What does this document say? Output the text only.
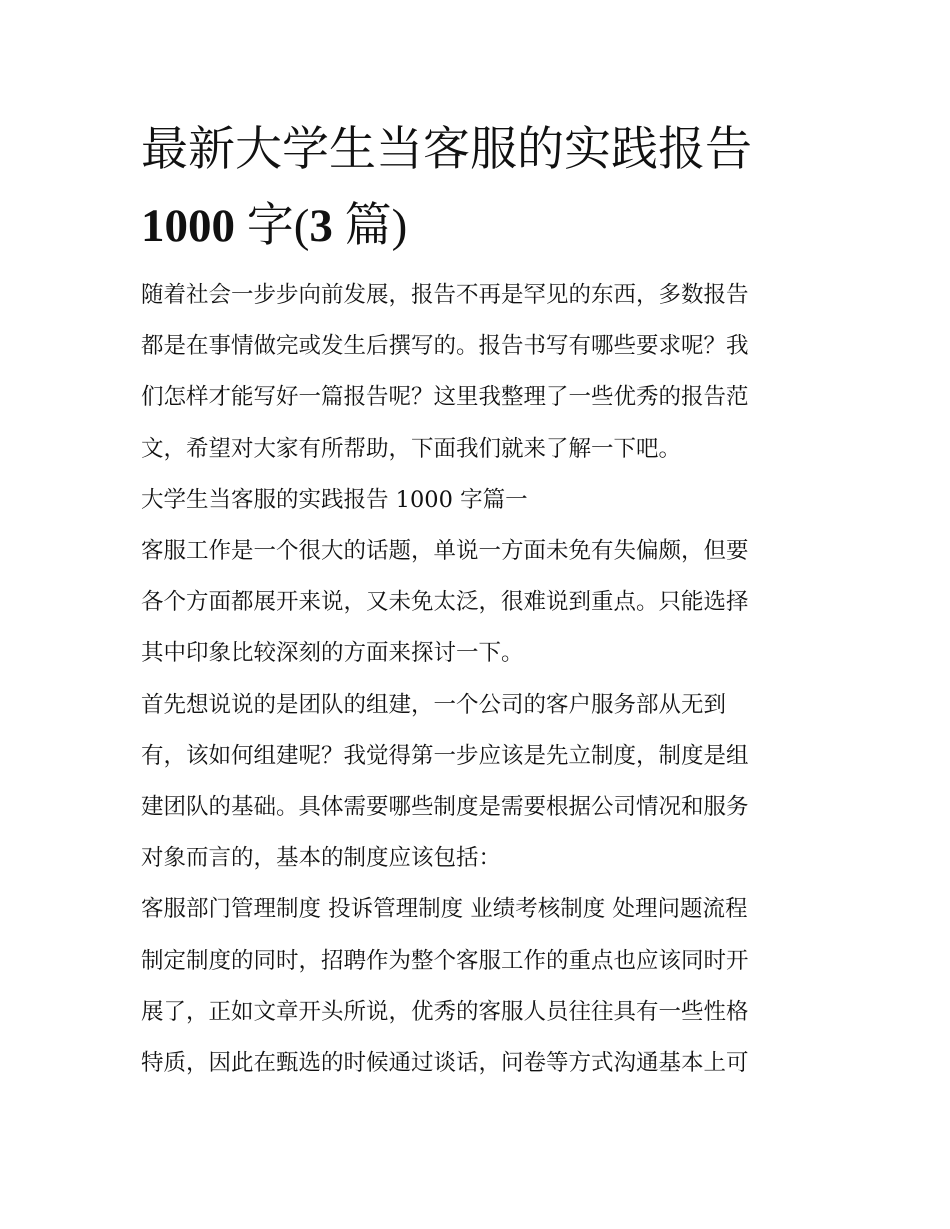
最新大学生当客服的实践报告
1000 字(3 篇)

随着社会一步步向前发展，报告不再是罕见的东西，多数报告
都是在事情做完或发生后撰写的。报告书写有哪些要求呢？我
们怎样才能写好一篇报告呢？这里我整理了一些优秀的报告范
文，希望对大家有所帮助，下面我们就来了解一下吧。

大学生当客服的实践报告 1000 字篇一

客服工作是一个很大的话题，单说一方面未免有失偏颇，但要
各个方面都展开来说，又未免太泛，很难说到重点。只能选择
其中印象比较深刻的方面来探讨一下。

首先想说说的是团队的组建，一个公司的客户服务部从无到
有，该如何组建呢？我觉得第一步应该是先立制度，制度是组
建团队的基础。具体需要哪些制度是需要根据公司情况和服务
对象而言的，基本的制度应该包括：

客服部门管理制度 投诉管理制度 业绩考核制度 处理问题流程

制定制度的同时，招聘作为整个客服工作的重点也应该同时开
展了，正如文章开头所说，优秀的客服人员往往具有一些性格
特质，因此在甄选的时候通过谈话，问卷等方式沟通基本上可
